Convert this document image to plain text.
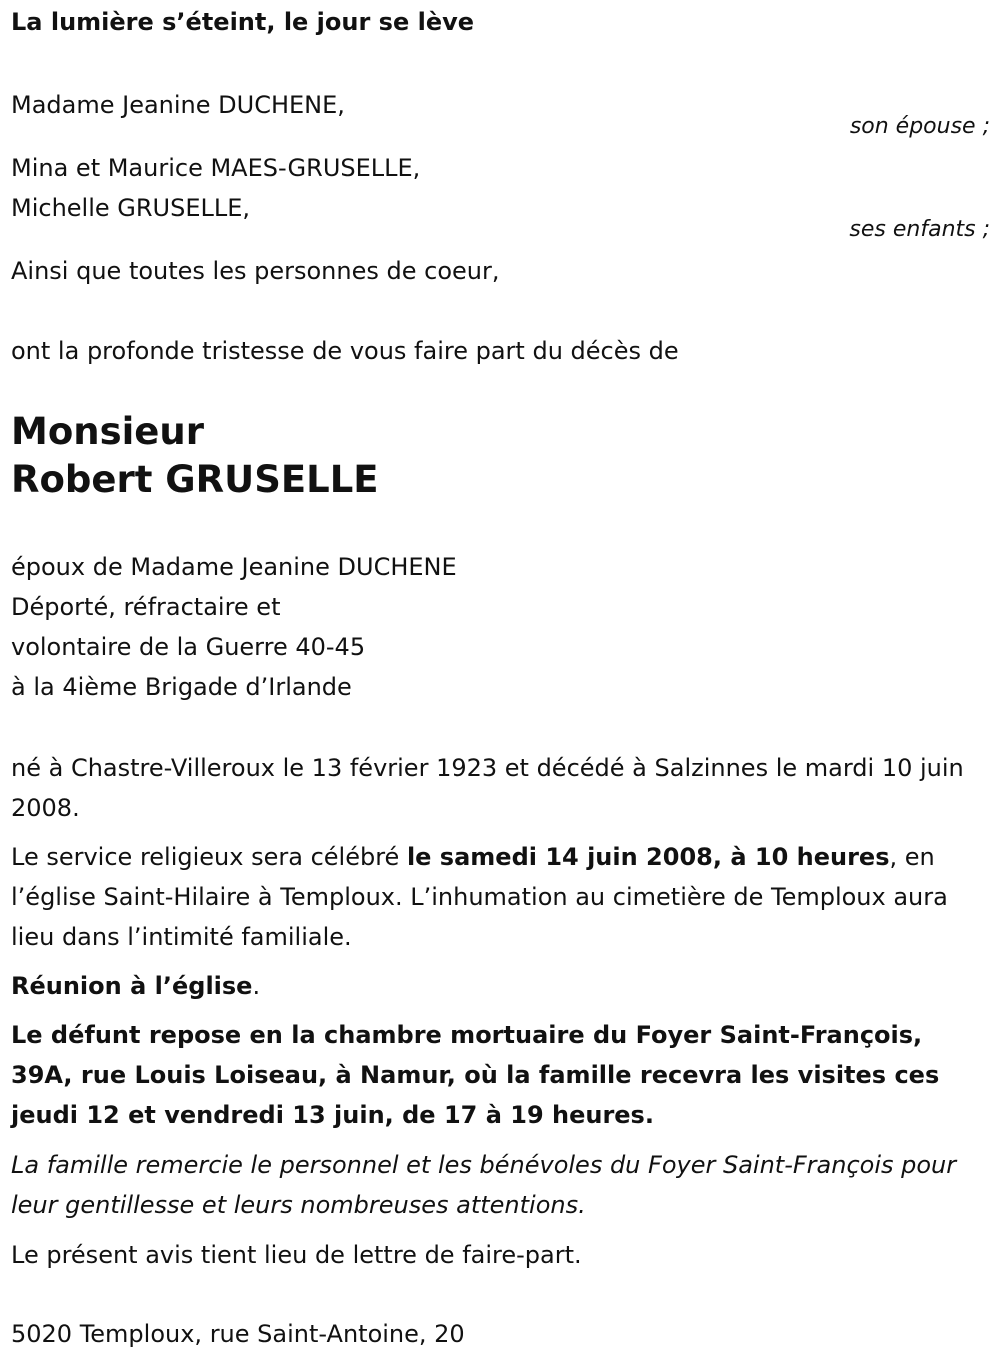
La lumière s’éteint, le jour se lève
Madame Jeanine DUCHENE,
son épouse ;
Mina et Maurice MAES-GRUSELLE,
Michelle GRUSELLE,
ses enfants ;
Ainsi que toutes les personnes de coeur,
ont la profonde tristesse de vous faire part du décès de
Monsieur
Robert GRUSELLE
époux de Madame Jeanine DUCHENE
Déporté, réfractaire et
volontaire de la Guerre 40-45
à la 4ième Brigade d’Irlande
né à Chastre-Villeroux le 13 février 1923 et décédé à Salzinnes le mardi 10 juin 2008.
Le service religieux sera célébré le samedi 14 juin 2008, à 10 heures, en l’église Saint-Hilaire à Temploux. L’inhumation au cimetière de Temploux aura lieu dans l’intimité familiale.
Réunion à l’église.
Le défunt repose en la chambre mortuaire du Foyer Saint-François, 39A, rue Louis Loiseau, à Namur, où la famille recevra les visites ces jeudi 12 et vendredi 13 juin, de 17 à 19 heures.
La famille remercie le personnel et les bénévoles du Foyer Saint-François pour leur gentillesse et leurs nombreuses attentions.
Le présent avis tient lieu de lettre de faire-part.
5020 Temploux, rue Saint-Antoine, 20
